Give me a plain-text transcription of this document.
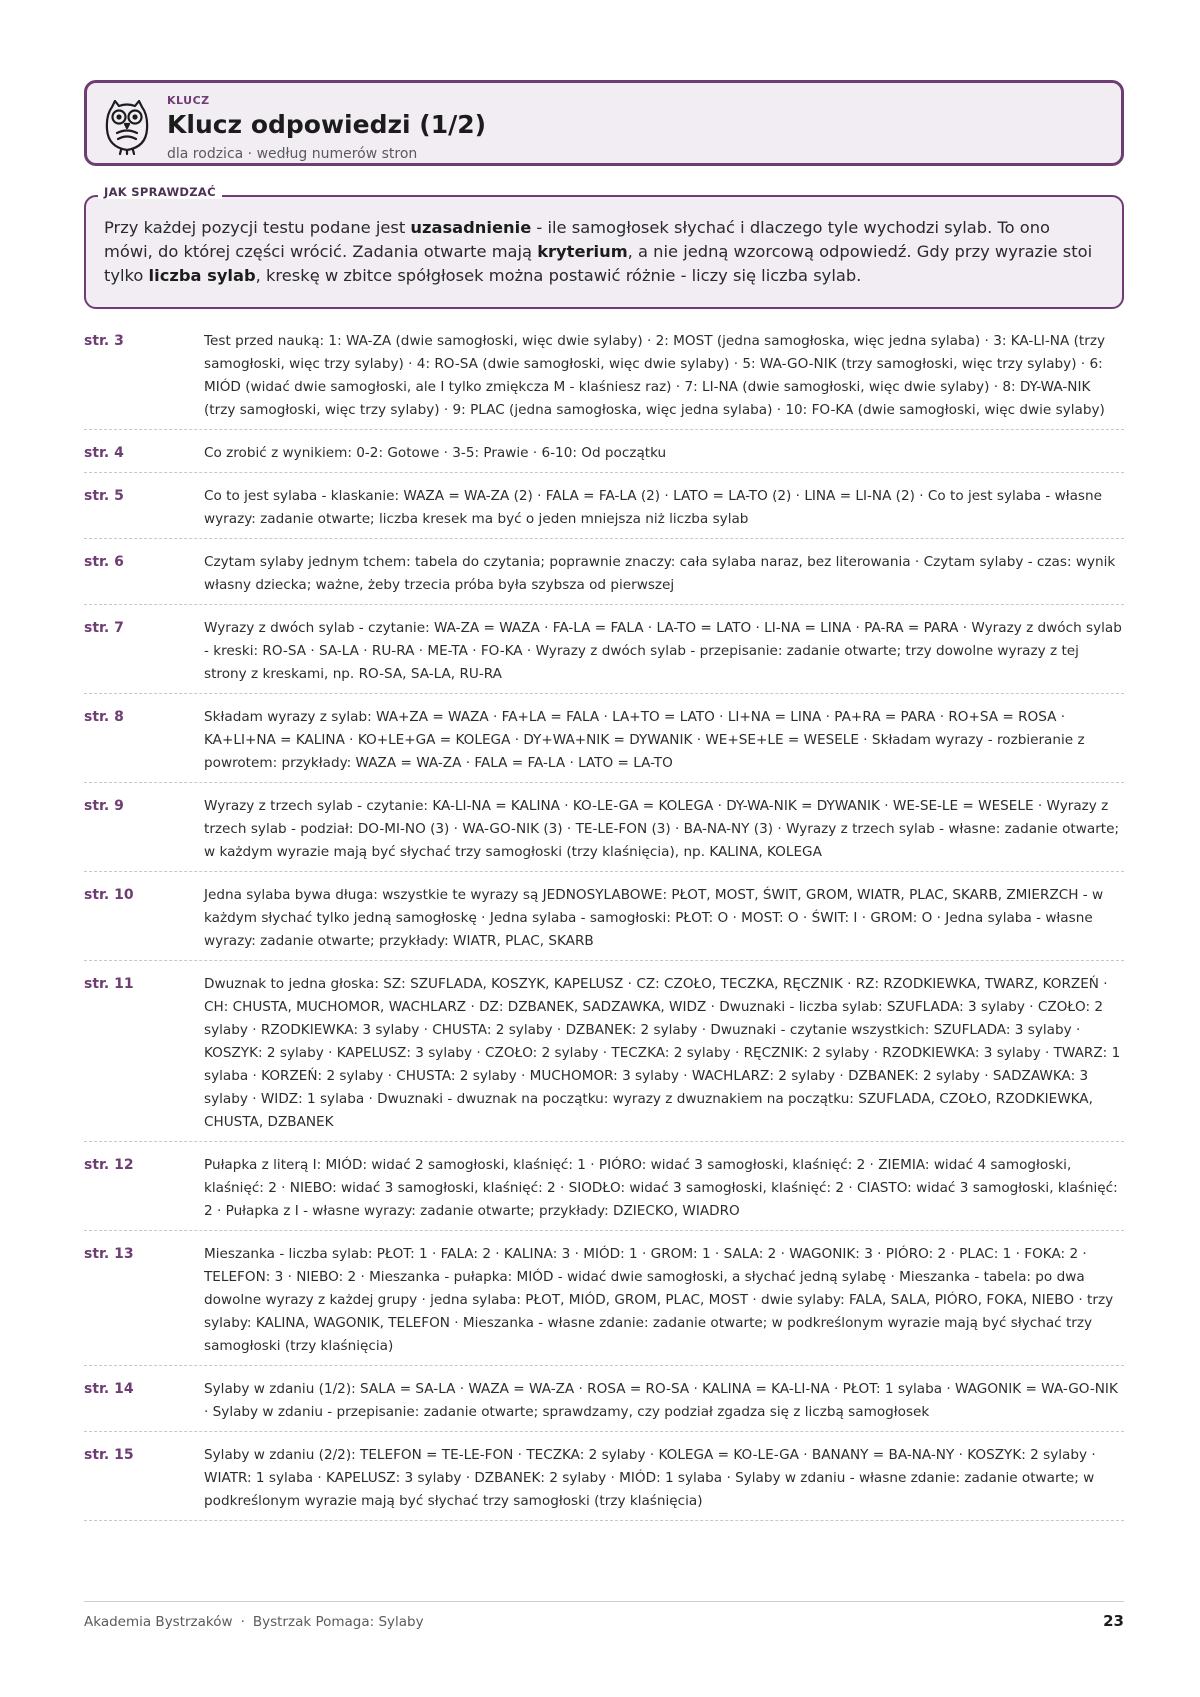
KLUCZ
Klucz odpowiedzi (1/2)
dla rodzica · według numerów stron
JAK SPRAWDZAĆ
Przy każdej pozycji testu podane jest uzasadnienie - ile samogłosek słychać i dlaczego tyle wychodzi sylab. To ono mówi, do której części wrócić. Zadania otwarte mają kryterium, a nie jedną wzorcową odpowiedź. Gdy przy wyrazie stoi tylko liczba sylab, kreskę w zbitce spółgłosek można postawić różnie - liczy się liczba sylab.
str. 3	Test przed nauką: 1: WA-ZA (dwie samogłoski, więc dwie sylaby) · 2: MOST (jedna samogłoska, więc jedna sylaba) · 3: KA-LI-NA (trzy samogłoski, więc trzy sylaby) · 4: RO-SA (dwie samogłoski, więc dwie sylaby) · 5: WA-GO-NIK (trzy samogłoski, więc trzy sylaby) · 6: MIÓD (widać dwie samogłoski, ale I tylko zmiękcza M - klaśniesz raz) · 7: LI-NA (dwie samogłoski, więc dwie sylaby) · 8: DY-WA-NIK (trzy samogłoski, więc trzy sylaby) · 9: PLAC (jedna samogłoska, więc jedna sylaba) · 10: FO-KA (dwie samogłoski, więc dwie sylaby)
str. 4	Co zrobić z wynikiem: 0-2: Gotowe · 3-5: Prawie · 6-10: Od początku
str. 5	Co to jest sylaba - klaskanie: WAZA = WA-ZA (2) · FALA = FA-LA (2) · LATO = LA-TO (2) · LINA = LI-NA (2) · Co to jest sylaba - własne wyrazy: zadanie otwarte; liczba kresek ma być o jeden mniejsza niż liczba sylab
str. 6	Czytam sylaby jednym tchem: tabela do czytania; poprawnie znaczy: cała sylaba naraz, bez literowania · Czytam sylaby - czas: wynik własny dziecka; ważne, żeby trzecia próba była szybsza od pierwszej
str. 7	Wyrazy z dwóch sylab - czytanie: WA-ZA = WAZA · FA-LA = FALA · LA-TO = LATO · LI-NA = LINA · PA-RA = PARA · Wyrazy z dwóch sylab - kreski: RO-SA · SA-LA · RU-RA · ME-TA · FO-KA · Wyrazy z dwóch sylab - przepisanie: zadanie otwarte; trzy dowolne wyrazy z tej strony z kreskami, np. RO-SA, SA-LA, RU-RA
str. 8	Składam wyrazy z sylab: WA+ZA = WAZA · FA+LA = FALA · LA+TO = LATO · LI+NA = LINA · PA+RA = PARA · RO+SA = ROSA · KA+LI+NA = KALINA · KO+LE+GA = KOLEGA · DY+WA+NIK = DYWANIK · WE+SE+LE = WESELE · Składam wyrazy - rozbieranie z powrotem: przykłady: WAZA = WA-ZA · FALA = FA-LA · LATO = LA-TO
str. 9	Wyrazy z trzech sylab - czytanie: KA-LI-NA = KALINA · KO-LE-GA = KOLEGA · DY-WA-NIK = DYWANIK · WE-SE-LE = WESELE · Wyrazy z trzech sylab - podział: DO-MI-NO (3) · WA-GO-NIK (3) · TE-LE-FON (3) · BA-NA-NY (3) · Wyrazy z trzech sylab - własne: zadanie otwarte; w każdym wyrazie mają być słychać trzy samogłoski (trzy klaśnięcia), np. KALINA, KOLEGA
str. 10	Jedna sylaba bywa długa: wszystkie te wyrazy są JEDNOSYLABOWE: PŁOT, MOST, ŚWIT, GROM, WIATR, PLAC, SKARB, ZMIERZCH - w każdym słychać tylko jedną samogłoskę · Jedna sylaba - samogłoski: PŁOT: O · MOST: O · ŚWIT: I · GROM: O · Jedna sylaba - własne wyrazy: zadanie otwarte; przykłady: WIATR, PLAC, SKARB
str. 11	Dwuznak to jedna głoska: SZ: SZUFLADA, KOSZYK, KAPELUSZ · CZ: CZOŁO, TECZKA, RĘCZNIK · RZ: RZODKIEWKA, TWARZ, KORZEŃ · CH: CHUSTA, MUCHOMOR, WACHLARZ · DZ: DZBANEK, SADZAWKA, WIDZ · Dwuznaki - liczba sylab: SZUFLADA: 3 sylaby · CZOŁO: 2 sylaby · RZODKIEWKA: 3 sylaby · CHUSTA: 2 sylaby · DZBANEK: 2 sylaby · Dwuznaki - czytanie wszystkich: SZUFLADA: 3 sylaby · KOSZYK: 2 sylaby · KAPELUSZ: 3 sylaby · CZOŁO: 2 sylaby · TECZKA: 2 sylaby · RĘCZNIK: 2 sylaby · RZODKIEWKA: 3 sylaby · TWARZ: 1 sylaba · KORZEŃ: 2 sylaby · CHUSTA: 2 sylaby · MUCHOMOR: 3 sylaby · WACHLARZ: 2 sylaby · DZBANEK: 2 sylaby · SADZAWKA: 3 sylaby · WIDZ: 1 sylaba · Dwuznaki - dwuznak na początku: wyrazy z dwuznakiem na początku: SZUFLADA, CZOŁO, RZODKIEWKA, CHUSTA, DZBANEK
str. 12	Pułapka z literą I: MIÓD: widać 2 samogłoski, klaśnięć: 1 · PIÓRO: widać 3 samogłoski, klaśnięć: 2 · ZIEMIA: widać 4 samogłoski, klaśnięć: 2 · NIEBO: widać 3 samogłoski, klaśnięć: 2 · SIODŁO: widać 3 samogłoski, klaśnięć: 2 · CIASTO: widać 3 samogłoski, klaśnięć: 2 · Pułapka z I - własne wyrazy: zadanie otwarte; przykłady: DZIECKO, WIADRO
str. 13	Mieszanka - liczba sylab: PŁOT: 1 · FALA: 2 · KALINA: 3 · MIÓD: 1 · GROM: 1 · SALA: 2 · WAGONIK: 3 · PIÓRO: 2 · PLAC: 1 · FOKA: 2 · TELEFON: 3 · NIEBO: 2 · Mieszanka - pułapka: MIÓD - widać dwie samogłoski, a słychać jedną sylabę · Mieszanka - tabela: po dwa dowolne wyrazy z każdej grupy · jedna sylaba: PŁOT, MIÓD, GROM, PLAC, MOST · dwie sylaby: FALA, SALA, PIÓRO, FOKA, NIEBO · trzy sylaby: KALINA, WAGONIK, TELEFON · Mieszanka - własne zdanie: zadanie otwarte; w podkreślonym wyrazie mają być słychać trzy samogłoski (trzy klaśnięcia)
str. 14	Sylaby w zdaniu (1/2): SALA = SA-LA · WAZA = WA-ZA · ROSA = RO-SA · KALINA = KA-LI-NA · PŁOT: 1 sylaba · WAGONIK = WA-GO-NIK · Sylaby w zdaniu - przepisanie: zadanie otwarte; sprawdzamy, czy podział zgadza się z liczbą samogłosek
str. 15	Sylaby w zdaniu (2/2): TELEFON = TE-LE-FON · TECZKA: 2 sylaby · KOLEGA = KO-LE-GA · BANANY = BA-NA-NY · KOSZYK: 2 sylaby · WIATR: 1 sylaba · KAPELUSZ: 3 sylaby · DZBANEK: 2 sylaby · MIÓD: 1 sylaba · Sylaby w zdaniu - własne zdanie: zadanie otwarte; w podkreślonym wyrazie mają być słychać trzy samogłoski (trzy klaśnięcia)
Akademia Bystrzaków · Bystrzak Pomaga: Sylaby	23
